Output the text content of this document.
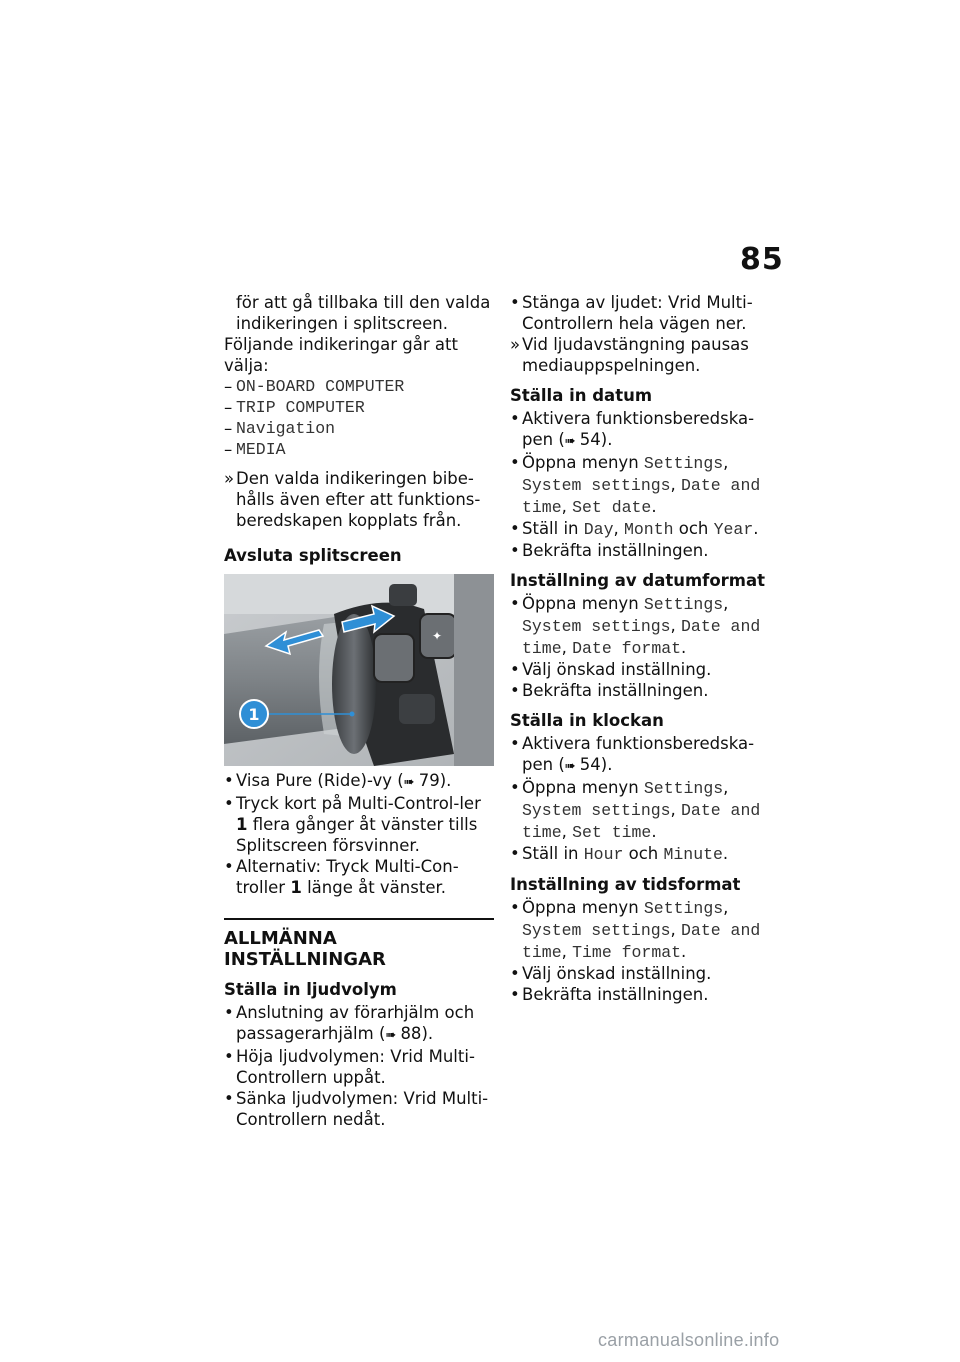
85

för att gå tillbaka till den valda

indikeringen i splitscreen.

Följande indikeringar går att välja:

– ON-BOARD COMPUTER
– TRIP COMPUTER
– Navigation
– MEDIA
» Den valda indikeringen bibe-hålls även efter att funktions-beredskapen kopplats från.

Avsluta splitscreen

✦
1
• Visa Pure (Ride)-vy (➠ 79).
• Tryck kort på Multi-Control-ler 1 flera gånger åt vänster tills Splitscreen försvinner.
• Alternativ: Tryck Multi-Con-troller 1 länge åt vänster.

ALLMÄNNA INSTÄLLNINGAR

Ställa in ljudvolym

• Anslutning av förarhjälm och passagerarhjälm (➠ 88).
• Höja ljudvolymen: Vrid Multi-Controllern uppåt.
• Sänka ljudvolymen: Vrid Multi-Controllern nedåt.
• Stänga av ljudet: Vrid Multi-Controllern hela vägen ner.
» Vid ljudavstängning pausas mediauppspelningen.

Ställa in datum

• Aktivera funktionsberedska-pen (➠ 54).
• Öppna menyn Settings, System settings, Date and time, Set date.
• Ställ in Day, Month och Year.
• Bekräfta inställningen.

Inställning av datumformat

• Öppna menyn Settings, System settings, Date and time, Date format.
• Välj önskad inställning.
• Bekräfta inställningen.

Ställa in klockan

• Aktivera funktionsberedska-pen (➠ 54).
• Öppna menyn Settings, System settings, Date and time, Set time.
• Ställ in Hour och Minute.

Inställning av tidsformat

• Öppna menyn Settings, System settings, Date and time, Time format.
• Välj önskad inställning.
• Bekräfta inställningen.
carmanualsonline.info
